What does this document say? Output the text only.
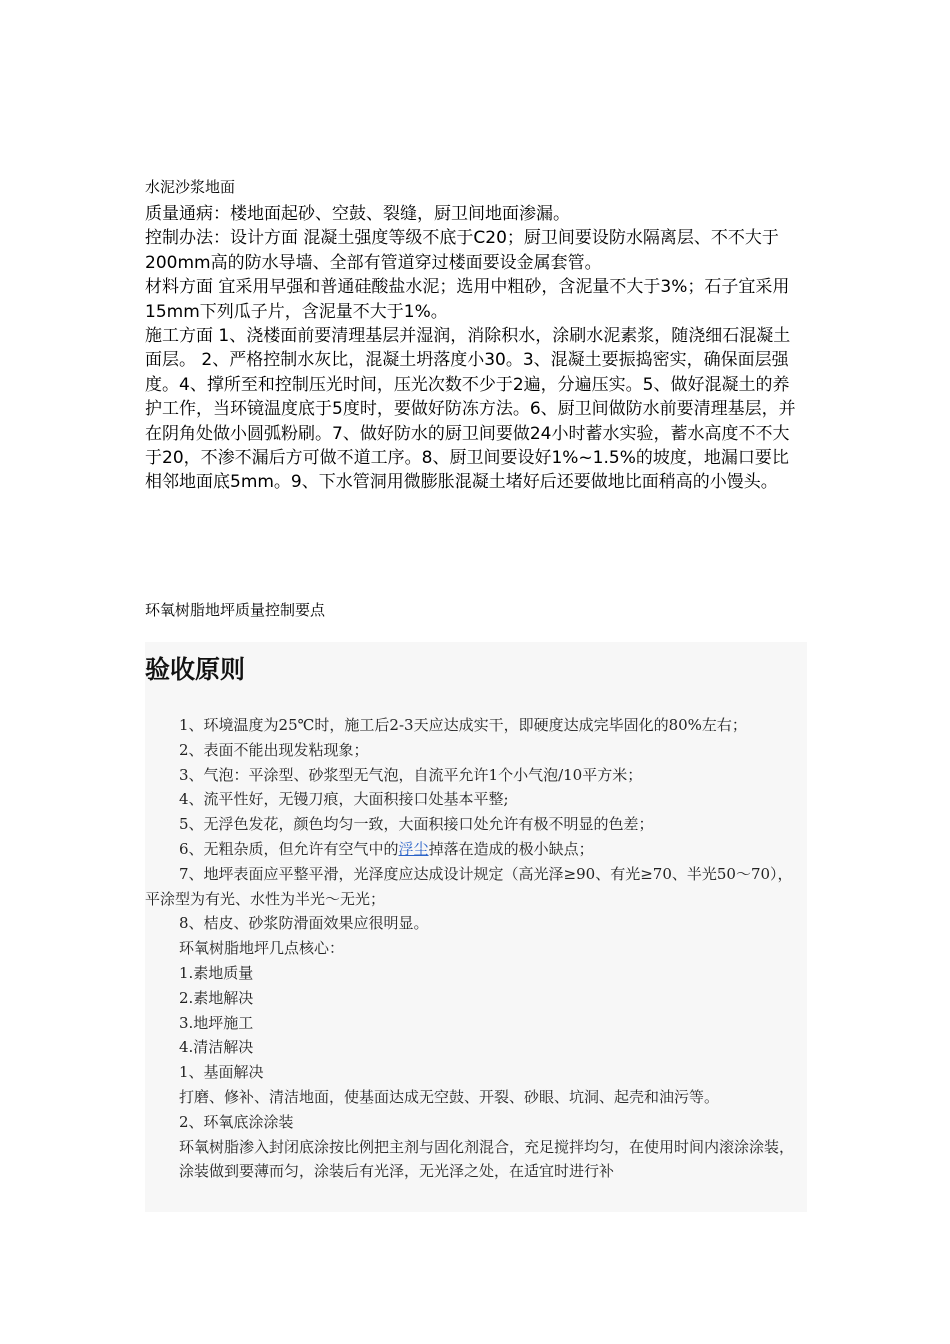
水泥沙浆地面

质量通病：楼地面起砂、空鼓、裂缝，厨卫间地面渗漏。

控制办法：设计方面 混凝土强度等级不底于C20；厨卫间要设防水隔离层、不不大于200mm高的防水导墙、全部有管道穿过楼面要设金属套管。

材料方面 宜采用早强和普通硅酸盐水泥；选用中粗砂，含泥量不大于3%；石子宜采用15mm下列瓜子片，含泥量不大于1%。

施工方面 1、浇楼面前要清理基层并湿润，消除积水，涂刷水泥素浆，随浇细石混凝土面层。 2、严格控制水灰比，混凝土坍落度小30。3、混凝土要振捣密实，确保面层强度。4、撑所至和控制压光时间，压光次数不少于2遍，分遍压实。5、做好混凝土的养护工作，当环镜温度底于5度时，要做好防冻方法。6、厨卫间做防水前要清理基层，并在阴角处做小圆弧粉刷。7、做好防水的厨卫间要做24小时蓄水实验，蓄水高度不不大于20，不渗不漏后方可做不道工序。8、厨卫间要设好1%~1.5%的坡度，地漏口要比相邻地面底5mm。9、下水管洞用微膨胀混凝土堵好后还要做地比面稍高的小馒头。

环氧树脂地坪质量控制要点
验收原则

1、环境温度为25℃时，施工后2-3天应达成实干，即硬度达成完毕固化的80%左右；

2、表面不能出现发粘现象；

3、气泡：平涂型、砂浆型无气泡，自流平允许1个小气泡/10平方米；

4、流平性好，无镘刀痕，大面积接口处基本平整;

5、无浮色发花，颜色均匀一致，大面积接口处允许有极不明显的色差；

6、无粗杂质，但允许有空气中的浮尘掉落在造成的极小缺点；

7、地坪表面应平整平滑，光泽度应达成设计规定（高光泽≥90、有光≥70、半光50～70），平涂型为有光、水性为半光～无光；

8、桔皮、砂浆防滑面效果应很明显。

环氧树脂地坪几点核心：

1.素地质量

2.素地解决

3.地坪施工

4.清洁解决

1、基面解决

打磨、修补、清洁地面，使基面达成无空鼓、开裂、砂眼、坑洞、起壳和油污等。

2、环氧底涂涂装

环氧树脂渗入封闭底涂按比例把主剂与固化剂混合，充足搅拌均匀，在使用时间内滚涂涂装，涂装做到要薄而匀，涂装后有光泽，无光泽之处，在适宜时进行补
